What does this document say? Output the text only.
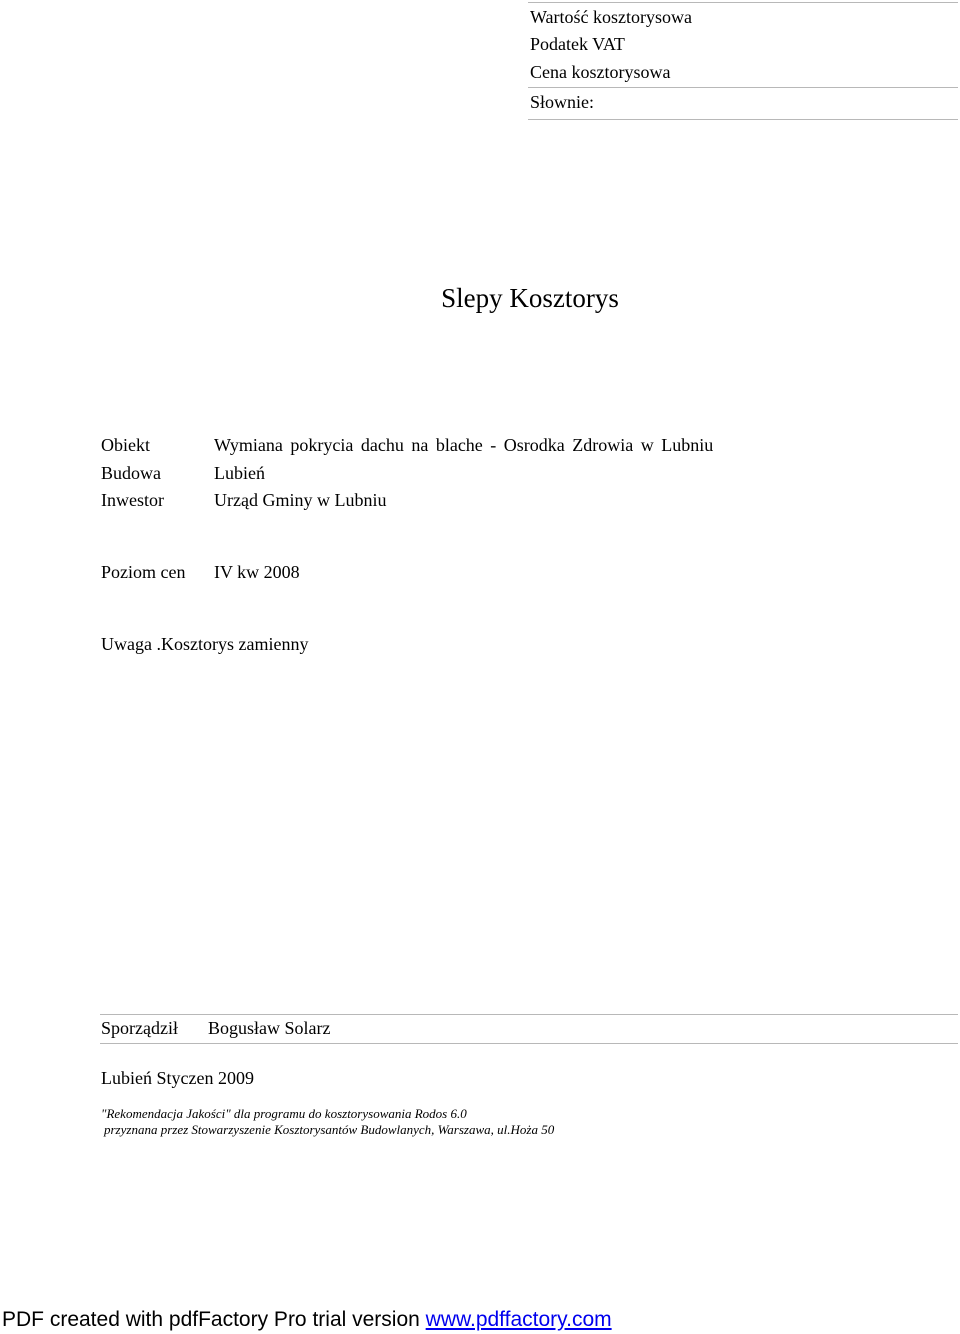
Wartość kosztorysowa
Podatek VAT
Cena kosztorysowa
Słownie:
Slepy Kosztorys
Obiekt	Wymiana pokrycia dachu na blache - Osrodka Zdrowia w Lubniu
Budowa	Lubień
Inwestor	Urząd Gminy w Lubniu
Poziom cen IV kw 2008
Uwaga .Kosztorys zamienny
Sporządził Bogusław Solarz
Lubień Styczen 2009
"Rekomendacja Jakości" dla programu do kosztorysowania Rodos 6.0
przyznana przez Stowarzyszenie Kosztorysantów Budowlanych, Warszawa, ul.Hoża 50
PDF created with pdfFactory Pro trial version www.pdffactory.com
